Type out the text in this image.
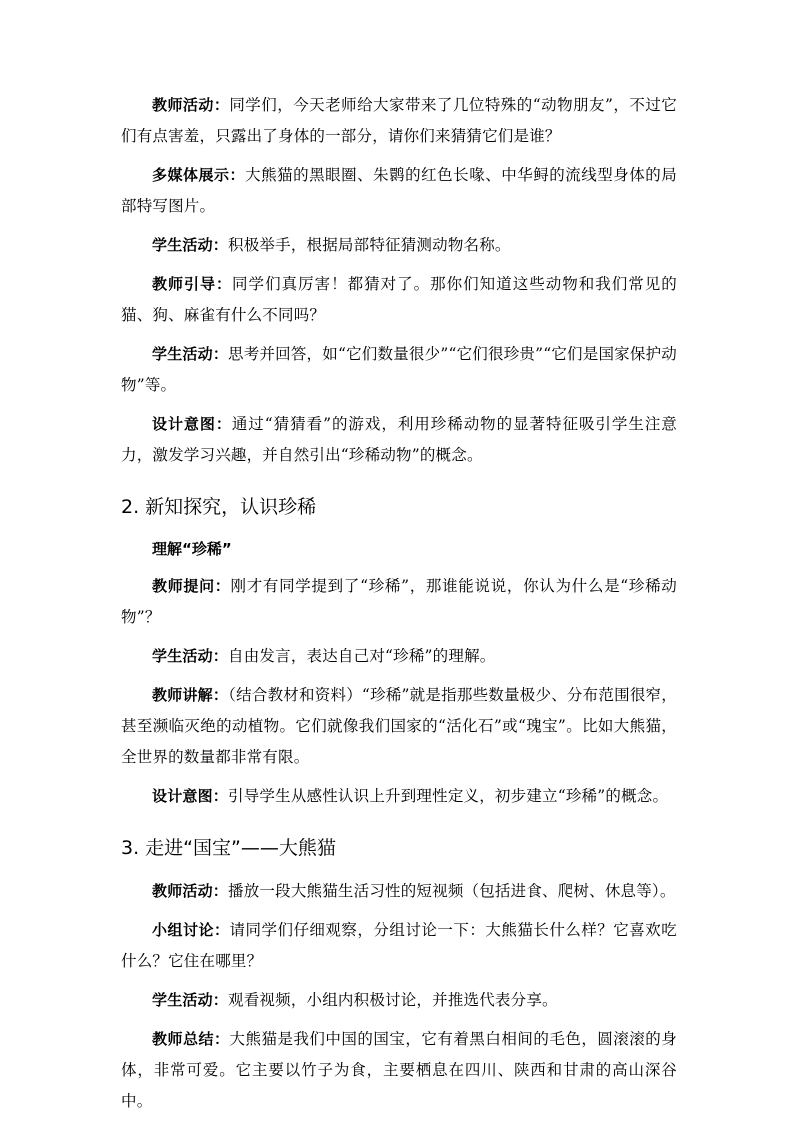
教师活动：同学们，今天老师给大家带来了几位特殊的“动物朋友”，不过它们有点害羞，只露出了身体的一部分，请你们来猜猜它们是谁？

多媒体展示：大熊猫的黑眼圈、朱鹮的红色长喙、中华鲟的流线型身体的局部特写图片。

学生活动：积极举手，根据局部特征猜测动物名称。

教师引导：同学们真厉害！都猜对了。那你们知道这些动物和我们常见的猫、狗、麻雀有什么不同吗？

学生活动：思考并回答，如“它们数量很少”“它们很珍贵”“它们是国家保护动物”等。

设计意图：通过“猜猜看”的游戏，利用珍稀动物的显著特征吸引学生注意力，激发学习兴趣，并自然引出“珍稀动物”的概念。

2. 新知探究，认识珍稀
理解“珍稀”

教师提问：刚才有同学提到了“珍稀”，那谁能说说，你认为什么是“珍稀动物”？

学生活动：自由发言，表达自己对“珍稀”的理解。

教师讲解：（结合教材和资料）“珍稀”就是指那些数量极少、分布范围很窄，甚至濒临灭绝的动植物。它们就像我们国家的“活化石”或“瑰宝”。比如大熊猫，全世界的数量都非常有限。

设计意图：引导学生从感性认识上升到理性定义，初步建立“珍稀”的概念。

3. 走进“国宝”——大熊猫

教师活动：播放一段大熊猫生活习性的短视频（包括进食、爬树、休息等）。

小组讨论：请同学们仔细观察，分组讨论一下：大熊猫长什么样？它喜欢吃什么？它住在哪里？

学生活动：观看视频，小组内积极讨论，并推选代表分享。

教师总结：大熊猫是我们中国的国宝，它有着黑白相间的毛色，圆滚滚的身体，非常可爱。它主要以竹子为食，主要栖息在四川、陕西和甘肃的高山深谷中。
